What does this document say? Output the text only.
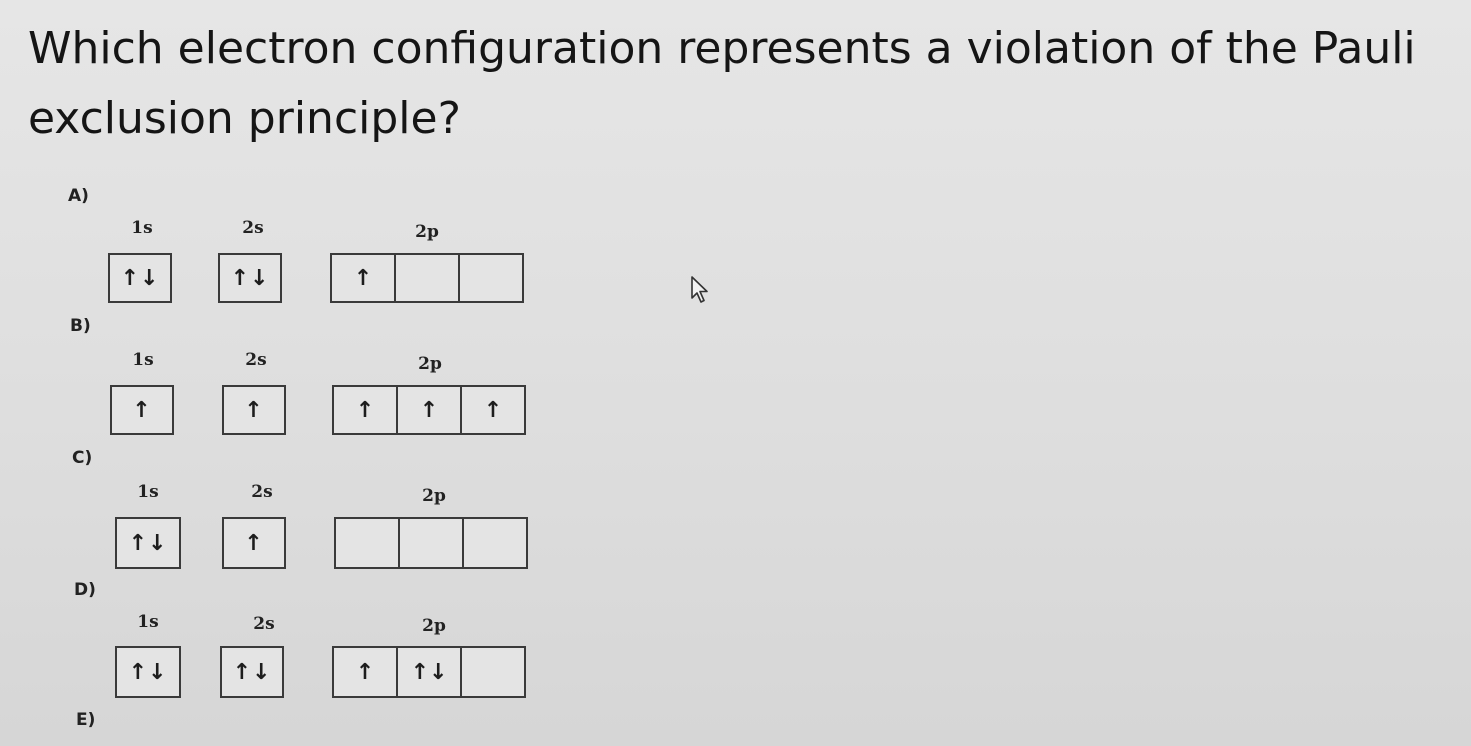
Which electron configuration represents a violation of the Pauli
exclusion principle?
A)
1s	2s	2p
↑↓	↑↓	↑
B)
1s	2s	2p
↑	↑	↑	↑	↑
C)
1s	2s	2p
↑↓	↑
D)
1s	2s	2p
↑↓	↑↓	↑	↑↓
E)
